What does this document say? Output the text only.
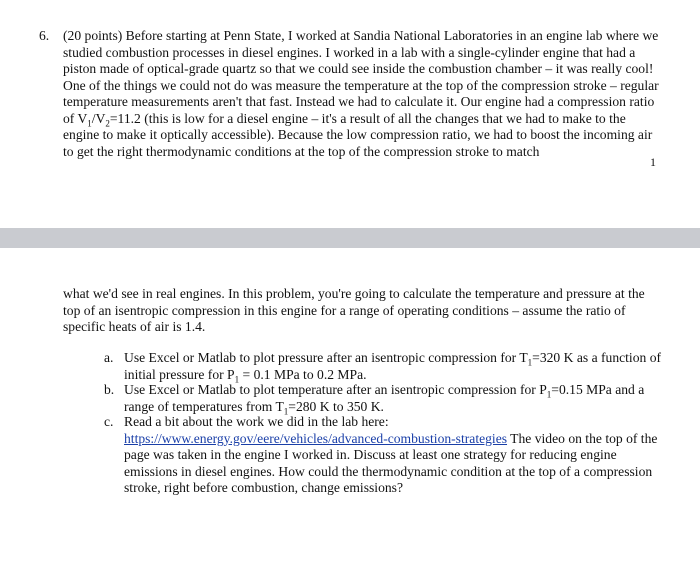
6. (20 points) Before starting at Penn State, I worked at Sandia National Laboratories in an engine lab where we studied combustion processes in diesel engines. I worked in a lab with a single-cylinder engine that had a piston made of optical-grade quartz so that we could see inside the combustion chamber – it was really cool! One of the things we could not do was measure the temperature at the top of the compression stroke – regular temperature measurements aren't that fast. Instead we had to calculate it. Our engine had a compression ratio of $V_1/V_2=11.2$ (this is low for a diesel engine – it's a result of all the changes that we had to make to the engine to make it optically accessible). Because the low compression ratio, we had to boost the incoming air to get the right thermodynamic conditions at the top of the compression stroke to match
1
what we'd see in real engines. In this problem, you're going to calculate the temperature and pressure at the top of an isentropic compression in this engine for a range of operating conditions – assume the ratio of specific heats of air is 1.4.
a. Use Excel or Matlab to plot pressure after an isentropic compression for $T_1=320$ K as a function of initial pressure for $P_1 = 0.1$ MPa to 0.2 MPa.
b. Use Excel or Matlab to plot temperature after an isentropic compression for $P_1=0.15$ MPa and a range of temperatures from $T_1=280$ K to 350 K.
c. Read a bit about the work we did in the lab here:
https://www.energy.gov/eere/vehicles/advanced-combustion-strategies The video on the top of the page was taken in the engine I worked in. Discuss at least one strategy for reducing engine emissions in diesel engines. How could the thermodynamic condition at the top of a compression stroke, right before combustion, change emissions?
